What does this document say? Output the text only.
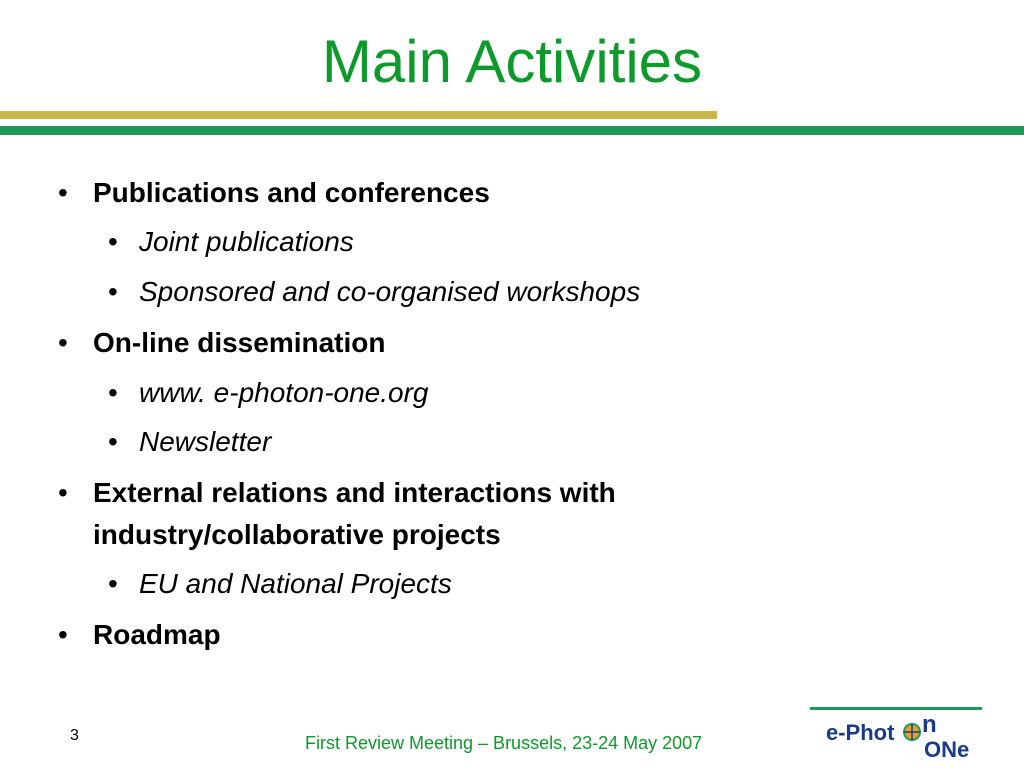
Main Activities
• Publications and conferences
• Joint publications
• Sponsored and co-organised workshops
• On-line dissemination
• www. e-photon-one.org
• Newsletter
• External relations and interactions with
industry/collaborative projects
• EU and National Projects
• Roadmap
3	First Review Meeting – Brussels, 23-24 May 2007	e-Phot n
ONe
